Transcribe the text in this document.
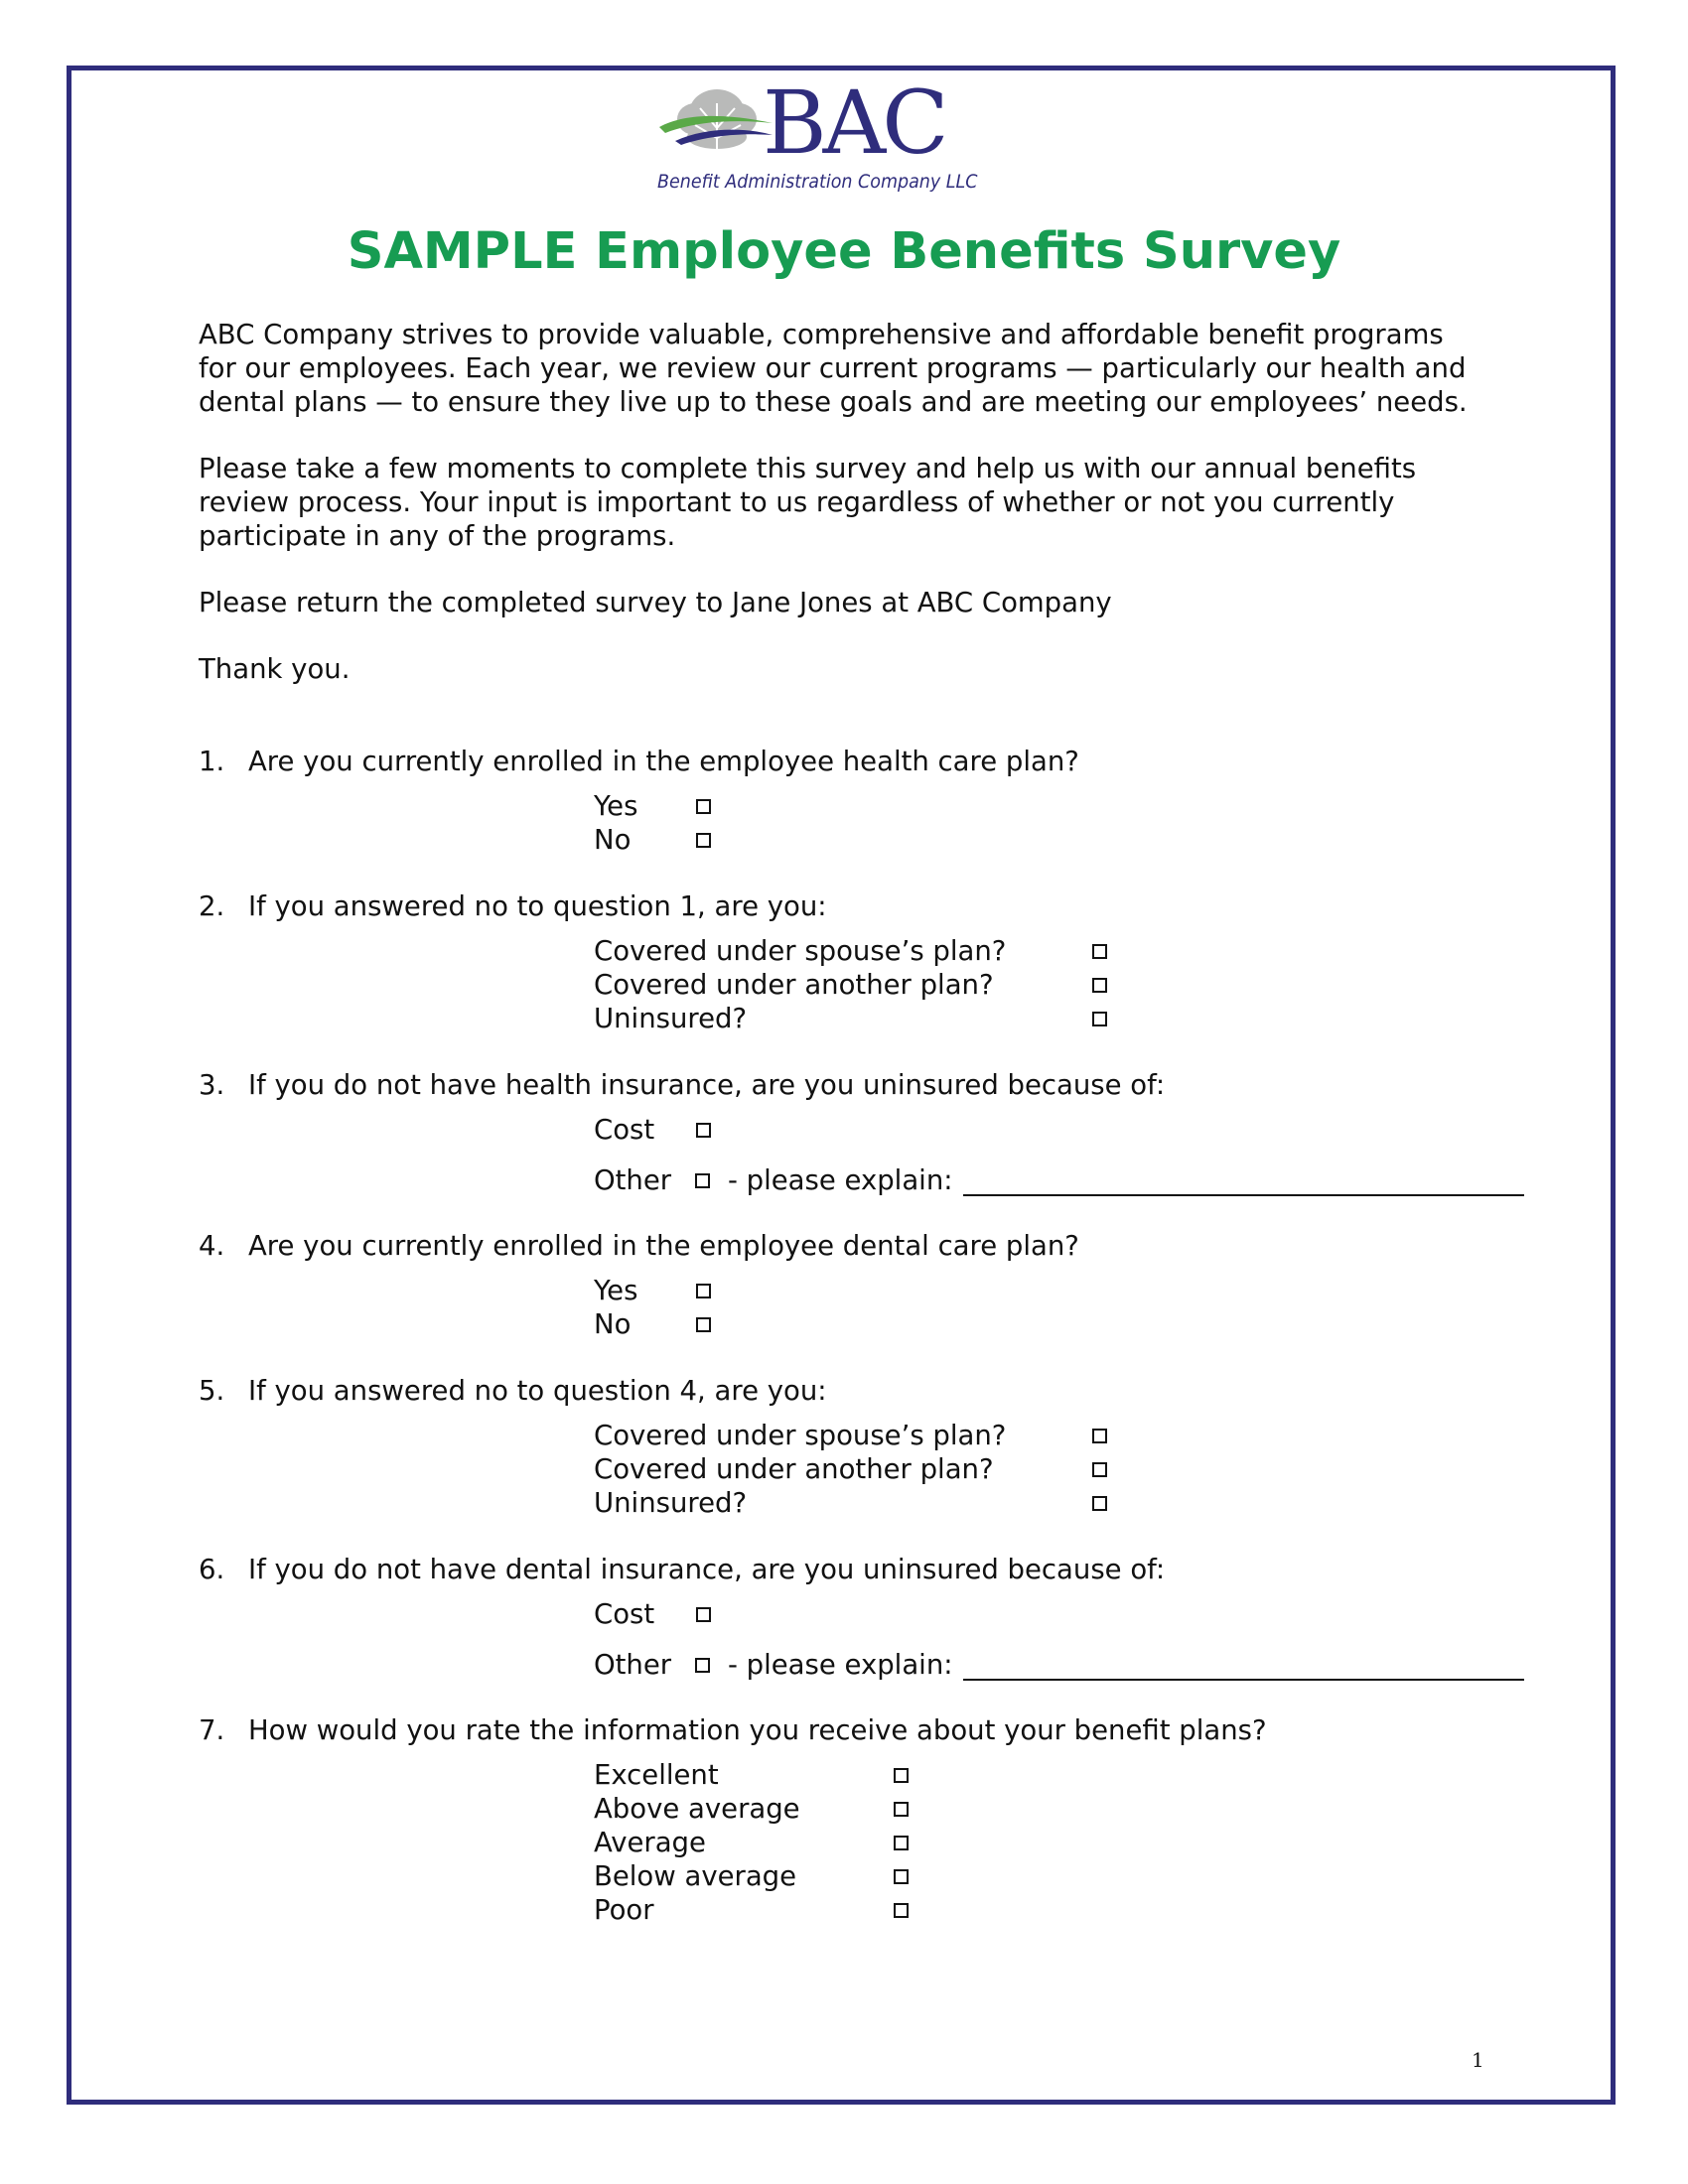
BAC
Benefit Administration Company LLC
SAMPLE Employee Benefits Survey
ABC Company strives to provide valuable, comprehensive and affordable benefit programs
for our employees. Each year, we review our current programs — particularly our health and
dental plans — to ensure they live up to these goals and are meeting our employees’ needs.
Please take a few moments to complete this survey and help us with our annual benefits
review process. Your input is important to us regardless of whether or not you currently
participate in any of the programs.
Please return the completed survey to Jane Jones at ABC Company
Thank you.
1. Are you currently enrolled in the employee health care plan?
Yes
No
2. If you answered no to question 1, are you:
Covered under spouse’s plan?
Covered under another plan?
Uninsured?
3. If you do not have health insurance, are you uninsured because of:
Cost
Other - please explain:
4. Are you currently enrolled in the employee dental care plan?
Yes
No
5. If you answered no to question 4, are you:
Covered under spouse’s plan?
Covered under another plan?
Uninsured?
6. If you do not have dental insurance, are you uninsured because of:
Cost
Other - please explain:
7. How would you rate the information you receive about your benefit plans?
Excellent
Above average
Average
Below average
Poor
1
